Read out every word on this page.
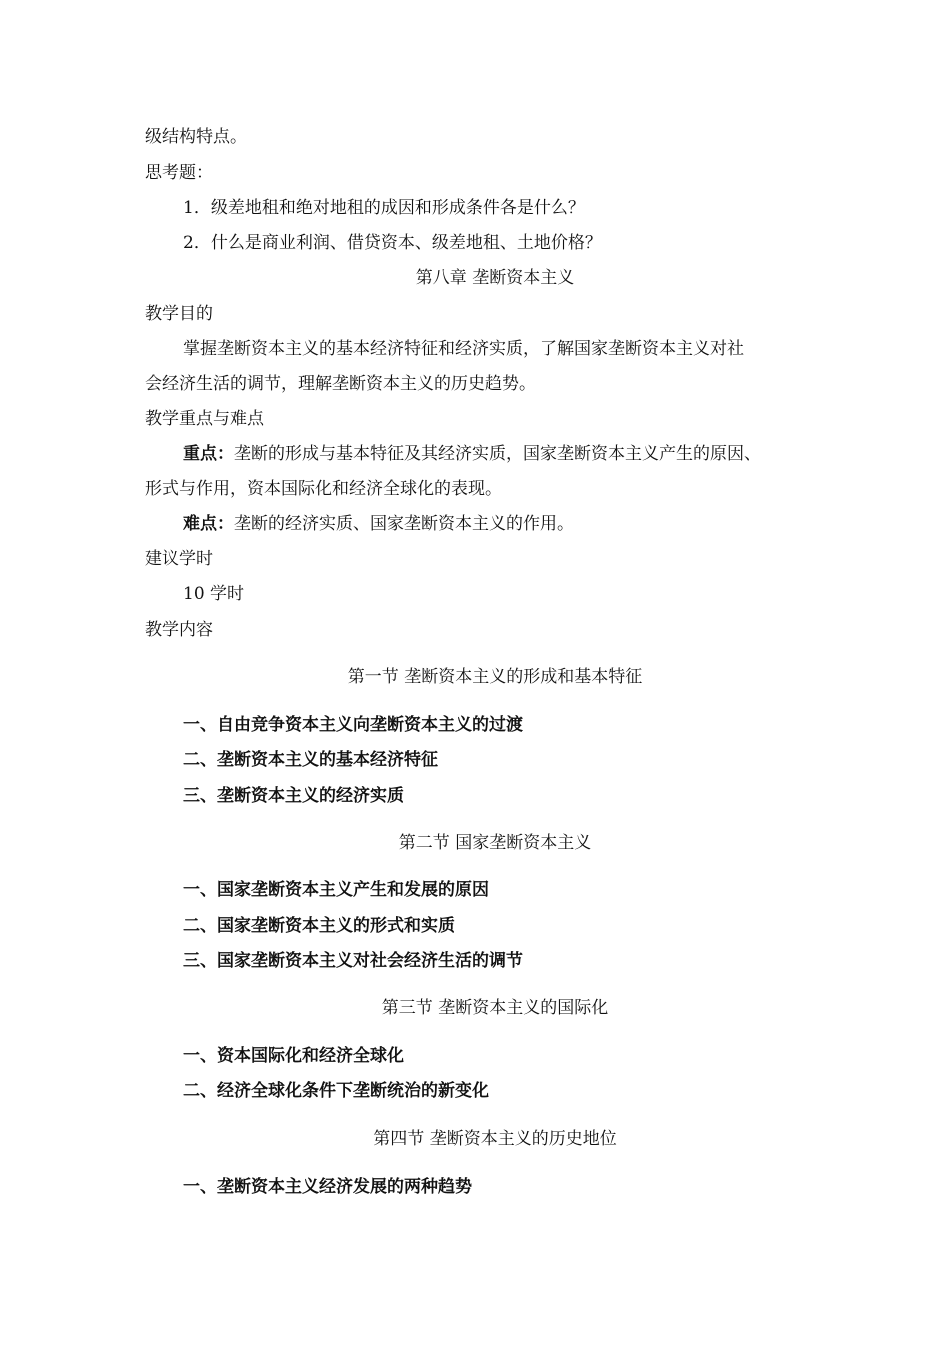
级结构特点。
思考题：
1．级差地租和绝对地租的成因和形成条件各是什么？
2．什么是商业利润、借贷资本、级差地租、土地价格？
第八章 垄断资本主义
教学目的
掌握垄断资本主义的基本经济特征和经济实质，了解国家垄断资本主义对社
会经济生活的调节，理解垄断资本主义的历史趋势。
教学重点与难点
重点：垄断的形成与基本特征及其经济实质，国家垄断资本主义产生的原因、
形式与作用，资本国际化和经济全球化的表现。
难点：垄断的经济实质、国家垄断资本主义的作用。
建议学时
10 学时
教学内容
第一节 垄断资本主义的形成和基本特征
一、自由竞争资本主义向垄断资本主义的过渡
二、垄断资本主义的基本经济特征
三、垄断资本主义的经济实质
第二节 国家垄断资本主义
一、国家垄断资本主义产生和发展的原因
二、国家垄断资本主义的形式和实质
三、国家垄断资本主义对社会经济生活的调节
第三节 垄断资本主义的国际化
一、资本国际化和经济全球化
二、经济全球化条件下垄断统治的新变化
第四节 垄断资本主义的历史地位
一、垄断资本主义经济发展的两种趋势
